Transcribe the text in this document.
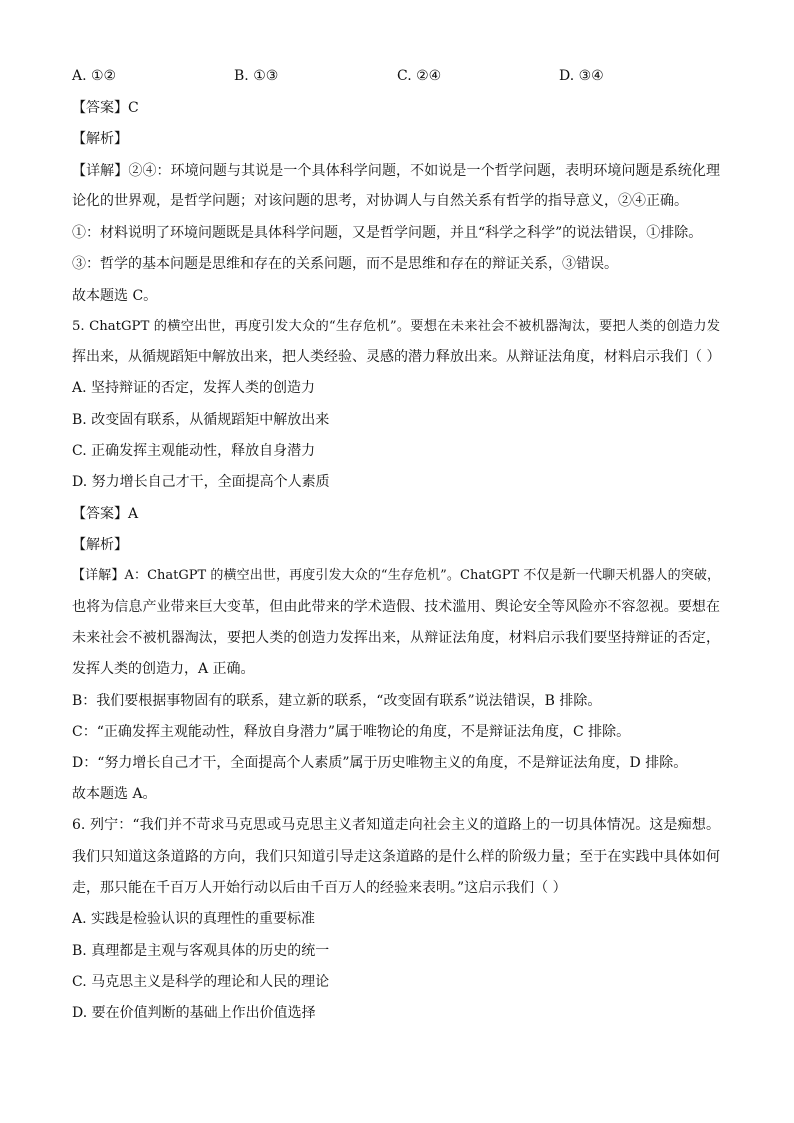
A. ①②	B. ①③	C. ②④	D. ③④
【答案】C
【解析】
【详解】②④：环境问题与其说是一个具体科学问题，不如说是一个哲学问题，表明环境问题是系统化理
论化的世界观，是哲学问题；对该问题的思考，对协调人与自然关系有哲学的指导意义，②④正确。
①：材料说明了环境问题既是具体科学问题，又是哲学问题，并且“科学之科学”的说法错误，①排除。
③：哲学的基本问题是思维和存在的关系问题，而不是思维和存在的辩证关系，③错误。
故本题选 C。
5. ChatGPT 的横空出世，再度引发大众的“生存危机”。要想在未来社会不被机器淘汰，要把人类的创造力发
挥出来，从循规蹈矩中解放出来，把人类经验、灵感的潜力释放出来。从辩证法角度，材料启示我们（ ）
A. 坚持辩证的否定，发挥人类的创造力
B. 改变固有联系，从循规蹈矩中解放出来
C. 正确发挥主观能动性，释放自身潜力
D. 努力增长自己才干，全面提高个人素质
【答案】A
【解析】
【详解】A：ChatGPT 的横空出世，再度引发大众的“生存危机”。ChatGPT 不仅是新一代聊天机器人的突破，
也将为信息产业带来巨大变革，但由此带来的学术造假、技术滥用、舆论安全等风险亦不容忽视。要想在
未来社会不被机器淘汰，要把人类的创造力发挥出来，从辩证法角度，材料启示我们要坚持辩证的否定，
发挥人类的创造力，A 正确。
B：我们要根据事物固有的联系，建立新的联系，“改变固有联系”说法错误，B 排除。
C：“正确发挥主观能动性，释放自身潜力”属于唯物论的角度，不是辩证法角度，C 排除。
D：“努力增长自己才干，全面提高个人素质”属于历史唯物主义的角度，不是辩证法角度，D 排除。
故本题选 A。
6. 列宁：“我们并不苛求马克思或马克思主义者知道走向社会主义的道路上的一切具体情况。这是痴想。
我们只知道这条道路的方向，我们只知道引导走这条道路的是什么样的阶级力量；至于在实践中具体如何
走，那只能在千百万人开始行动以后由千百万人的经验来表明。”这启示我们（ ）
A. 实践是检验认识的真理性的重要标准
B. 真理都是主观与客观具体的历史的统一
C. 马克思主义是科学的理论和人民的理论
D. 要在价值判断的基础上作出价值选择
